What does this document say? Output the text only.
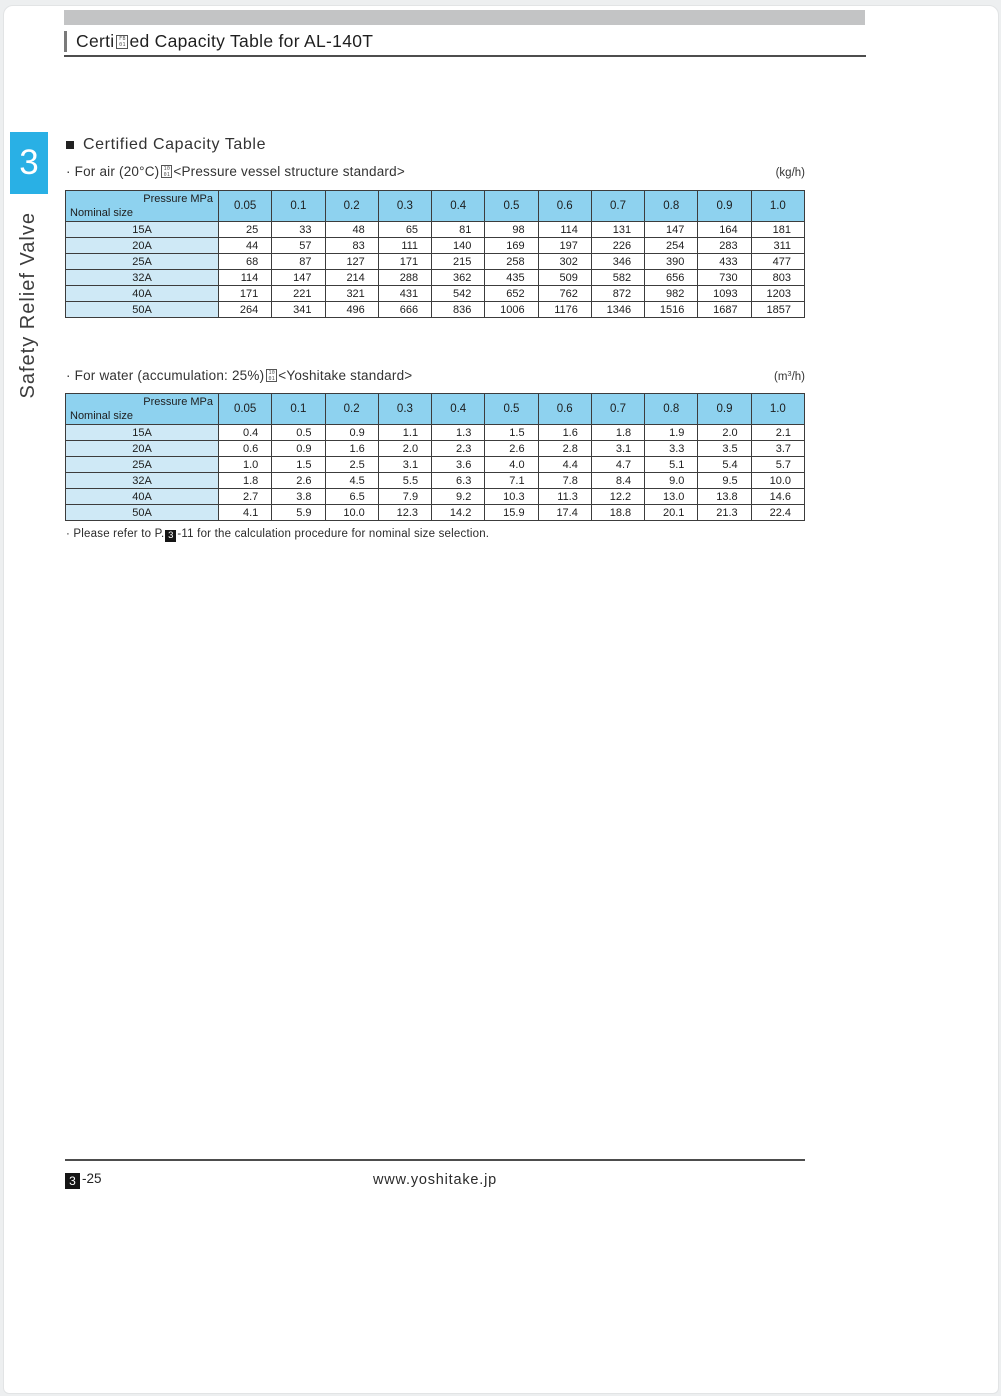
Certi FB 01 ed Capacity Table for AL-140T
3
Safety Relief Valve
Certified Capacity Table
· For air (20°C) 10 01 <Pressure vessel structure standard>	(kg/h)
Pressure MPa
Nominal size	0.05	0.1	0.2	0.3	0.4	0.5	0.6	0.7	0.8	0.9	1.0
15A	25	33	48	65	81	98	114	131	147	164	181
20A	44	57	83	111	140	169	197	226	254	283	311
25A	68	87	127	171	215	258	302	346	390	433	477
32A	114	147	214	288	362	435	509	582	656	730	803
40A	171	221	321	431	542	652	762	872	982	1093	1203
50A	264	341	496	666	836	1006	1176	1346	1516	1687	1857
· For water (accumulation: 25%) 10 01 <Yoshitake standard>	$(m^3/h)$
Pressure MPa
Nominal size	0.05	0.1	0.2	0.3	0.4	0.5	0.6	0.7	0.8	0.9	1.0
15A	0.4	0.5	0.9	1.1	1.3	1.5	1.6	1.8	1.9	2.0	2.1
20A	0.6	0.9	1.6	2.0	2.3	2.6	2.8	3.1	3.3	3.5	3.7
25A	1.0	1.5	2.5	3.1	3.6	4.0	4.4	4.7	5.1	5.4	5.7
32A	1.8	2.6	4.5	5.5	6.3	7.1	7.8	8.4	9.0	9.5	10.0
40A	2.7	3.8	6.5	7.9	9.2	10.3	11.3	12.2	13.0	13.8	14.6
50A	4.1	5.9	10.0	12.3	14.2	15.9	17.4	18.8	20.1	21.3	22.4
· Please refer to P. 3 -11 for the calculation procedure for nominal size selection.
3 -25	www.yoshitake.jp
